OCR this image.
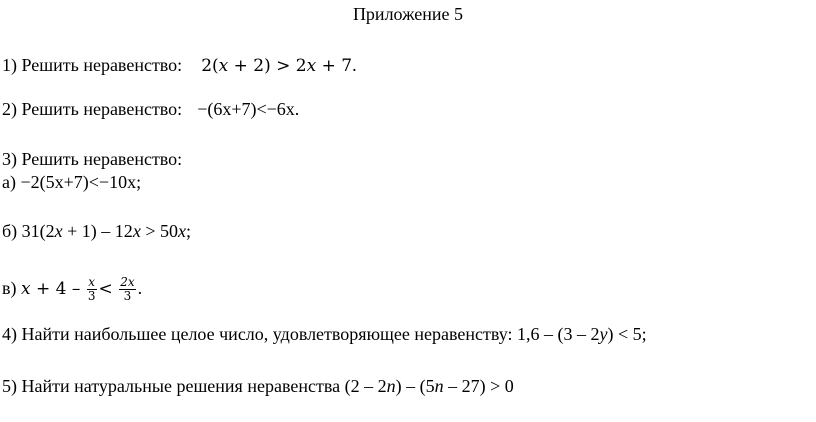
Приложение 5
1) Решить неравенство: 2(x + 2) > 2x + 7.
2) Решить неравенство: −(6x+7)<−6x.
3) Решить неравенство:
а) −2(5x+7)<−10x;
б) 31(2x + 1) – 12x > 50x;
в) $x + 4 - \frac{x}{3} < \frac{2x}{3}$ .
4) Найти наибольшее целое число, удовлетворяющее неравенству: 1,6 – (3 – 2y) < 5;
5) Найти натуральные решения неравенства (2 – 2n) – (5n – 27) > 0
